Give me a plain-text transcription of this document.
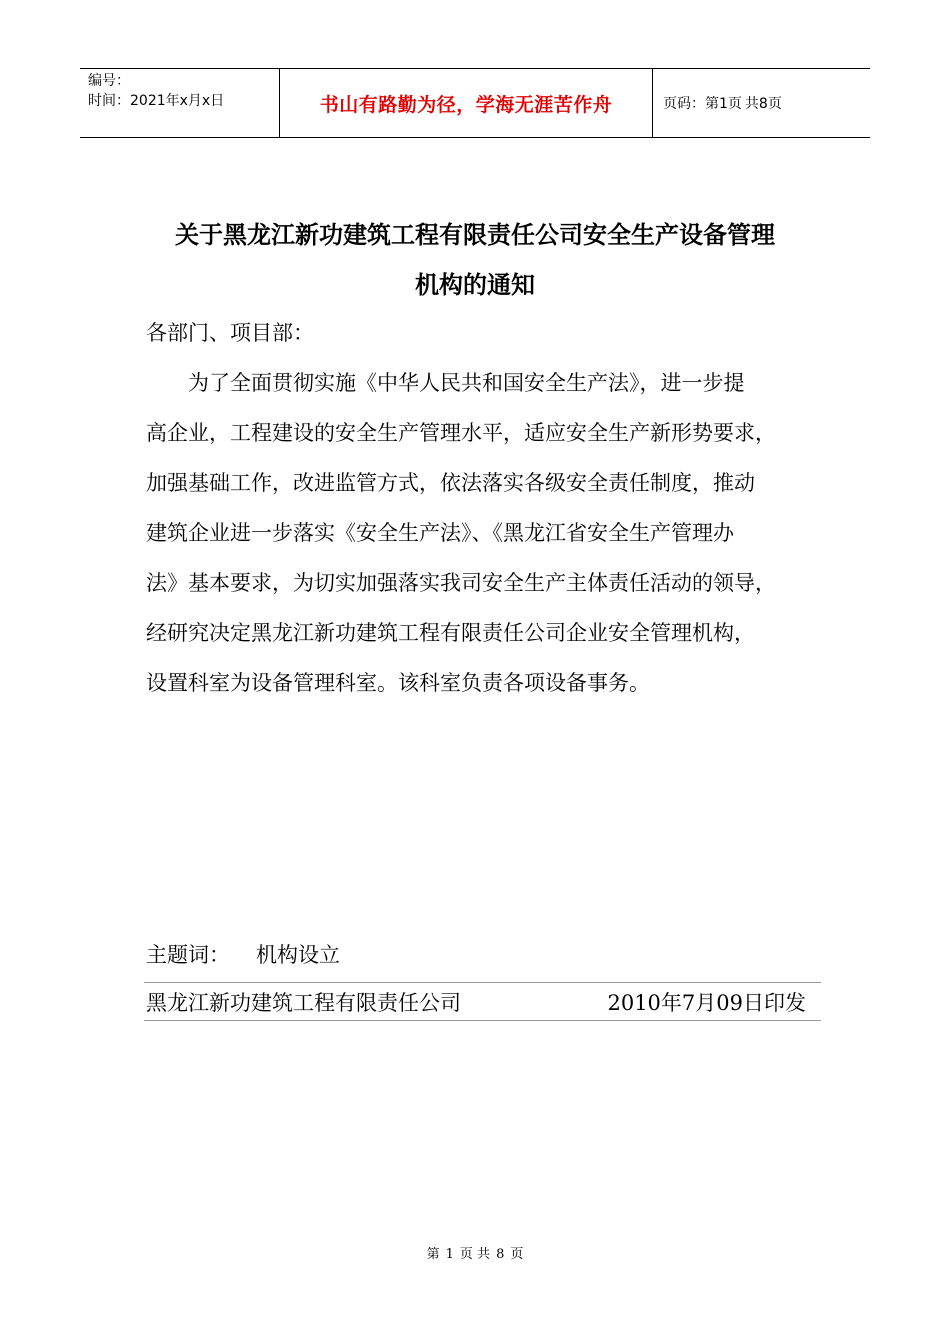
编号：
时间：2021年x月x日	书山有路勤为径，学海无涯苦作舟	页码：第1页 共8页
关于黑龙江新功建筑工程有限责任公司安全生产设备管理
机构的通知
各部门、项目部：
为了全面贯彻实施《中华人民共和国安全生产法》，进一步提
高企业，工程建设的安全生产管理水平，适应安全生产新形势要求，
加强基础工作，改进监管方式，依法落实各级安全责任制度，推动
建筑企业进一步落实《安全生产法》、《黑龙江省安全生产管理办
法》基本要求，为切实加强落实我司安全生产主体责任活动的领导，
经研究决定黑龙江新功建筑工程有限责任公司企业安全管理机构，
设置科室为设备管理科室。该科室负责各项设备事务。
主题词： 机构设立
黑龙江新功建筑工程有限责任公司	2010年7月09日印发
第 1 页 共 8 页
